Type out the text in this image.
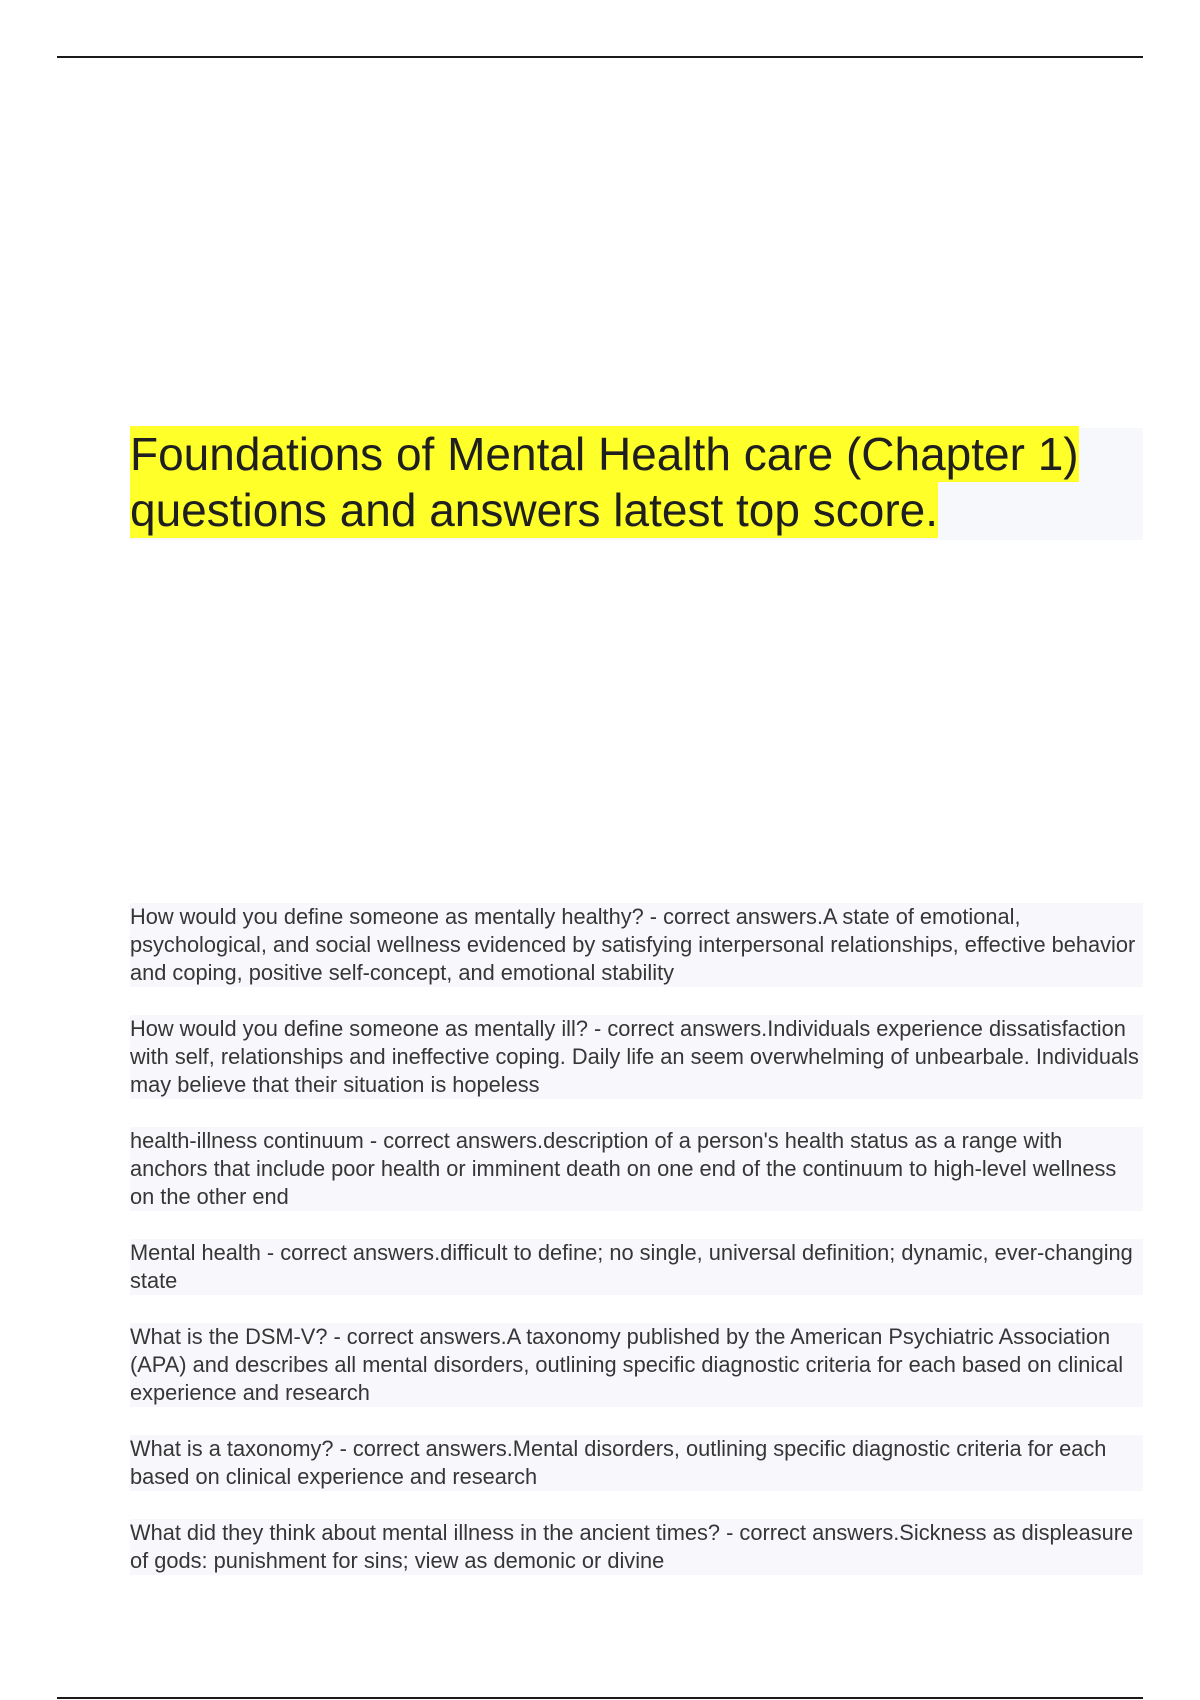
Foundations of Mental Health care (Chapter 1)
questions and answers latest top score.

How would you define someone as mentally healthy? - correct answers.A state of emotional, psychological, and social wellness evidenced by satisfying interpersonal relationships, effective behavior and coping, positive self-concept, and emotional stability

How would you define someone as mentally ill? - correct answers.Individuals experience dissatisfaction with self, relationships and ineffective coping. Daily life an seem overwhelming of unbearbale. Individuals may believe that their situation is hopeless

health-illness continuum - correct answers.description of a person's health status as a range with anchors that include poor health or imminent death on one end of the continuum to high-level wellness on the other end

Mental health - correct answers.difficult to define; no single, universal definition; dynamic, ever-changing state

What is the DSM-V? - correct answers.A taxonomy published by the American Psychiatric Association (APA) and describes all mental disorders, outlining specific diagnostic criteria for each based on clinical experience and research

What is a taxonomy? - correct answers.Mental disorders, outlining specific diagnostic criteria for each based on clinical experience and research

What did they think about mental illness in the ancient times? - correct answers.Sickness as displeasure of gods: punishment for sins; view as demonic or divine
